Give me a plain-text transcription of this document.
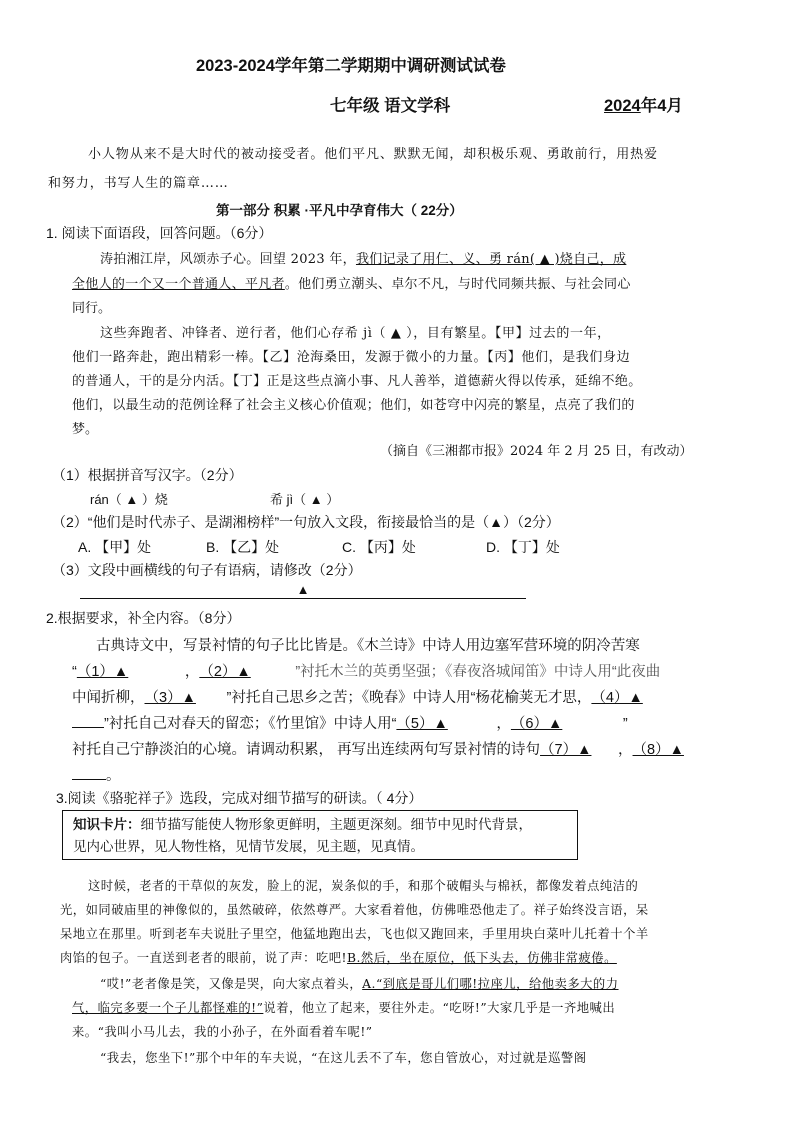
2023-2024学年第二学期期中调研测试试卷
七年级 语文学科	2024年4月
小人物从来不是大时代的被动接受者。他们平凡、默默无闻，却积极乐观、勇敢前行，用热爱
和努力，书写人生的篇章……
第一部分 积累 ·平凡中孕育伟大（ 22分）
1. 阅读下面语段，回答问题。（6分）
涛拍湘江岸，风颂赤子心。回望 2023 年，我们记录了用仁、义、勇 rán( ▲ )烧自己，成
全他人的一个又一个普通人、平凡者。他们勇立潮头、卓尔不凡，与时代同频共振、与社会同心
同行。
这些奔跑者、冲锋者、逆行者，他们心存希 jì（ ▲ ），目有繁星。【甲】过去的一年，
他们一路奔赴，跑出精彩一棒。【乙】沧海桑田，发源于微小的力量。【丙】他们，是我们身边
的普通人，干的是分内活。【丁】正是这些点滴小事、凡人善举，道德薪火得以传承，延绵不绝。
他们，以最生动的范例诠释了社会主义核心价值观；他们，如苍穹中闪亮的繁星，点亮了我们的
梦。
（摘自《三湘都市报》2024 年 2 月 25 日，有改动）
（1）根据拼音写汉字。（2分）
rán（ ▲ ）烧	希 jì（ ▲ ）
（2）“他们是时代赤子、是湖湘榜样”一句放入文段，衔接最恰当的是（▲）（2分）
A. 【甲】处	B. 【乙】处	C. 【丙】处	D. 【丁】处
（3）文段中画横线的句子有语病，请修改（2分）
▲
2.根据要求，补全内容。（8分）
古典诗文中，写景衬情的句子比比皆是。《木兰诗》中诗人用边塞军营环境的阴冷苦寒
“（1）▲	，（2）▲	”衬托木兰的英勇坚强；《春夜洛城闻笛》中诗人用“此夜曲
中闻折柳，（3）▲ ”衬托自己思乡之苦；《晚春》中诗人用“杨花榆荚无才思，（4）▲
”衬托自己对春天的留恋；《竹里馆》中诗人用“（5）▲	，（6）▲	”
衬托自己宁静淡泊的心境。请调动积累， 再写出连续两句写景衬情的诗句（7）▲ ，（8）▲
。
3.阅读《骆驼祥子》选段，完成对细节描写的研读。（ 4分）
知识卡片：细节描写能使人物形象更鲜明，主题更深刻。细节中见时代背景，
见内心世界，见人物性格，见情节发展，见主题，见真情。
这时候，老者的干草似的灰发，脸上的泥，炭条似的手，和那个破帽头与棉袄，都像发着点纯洁的
光，如同破庙里的神像似的，虽然破碎，依然尊严。大家看着他，仿佛唯恐他走了。祥子始终没言语，呆
呆地立在那里。听到老车夫说肚子里空，他猛地跑出去，飞也似又跑回来，手里用块白菜叶儿托着十个羊
肉馅的包子。一直送到老者的眼前，说了声：吃吧!B.然后，坐在原位，低下头去，仿佛非常疲倦。
“哎!”老者像是笑，又像是哭，向大家点着头，A.“到底是哥儿们哪!拉座儿，给他卖多大的力
气，临完多要一个子儿都怪难的!”说着，他立了起来，要往外走。“吃呀!”大家几乎是一齐地喊出
来。“我叫小马儿去，我的小孙子，在外面看着车呢!”
“我去，您坐下!”那个中年的车夫说，“在这儿丢不了车，您自管放心，对过就是巡警阁
